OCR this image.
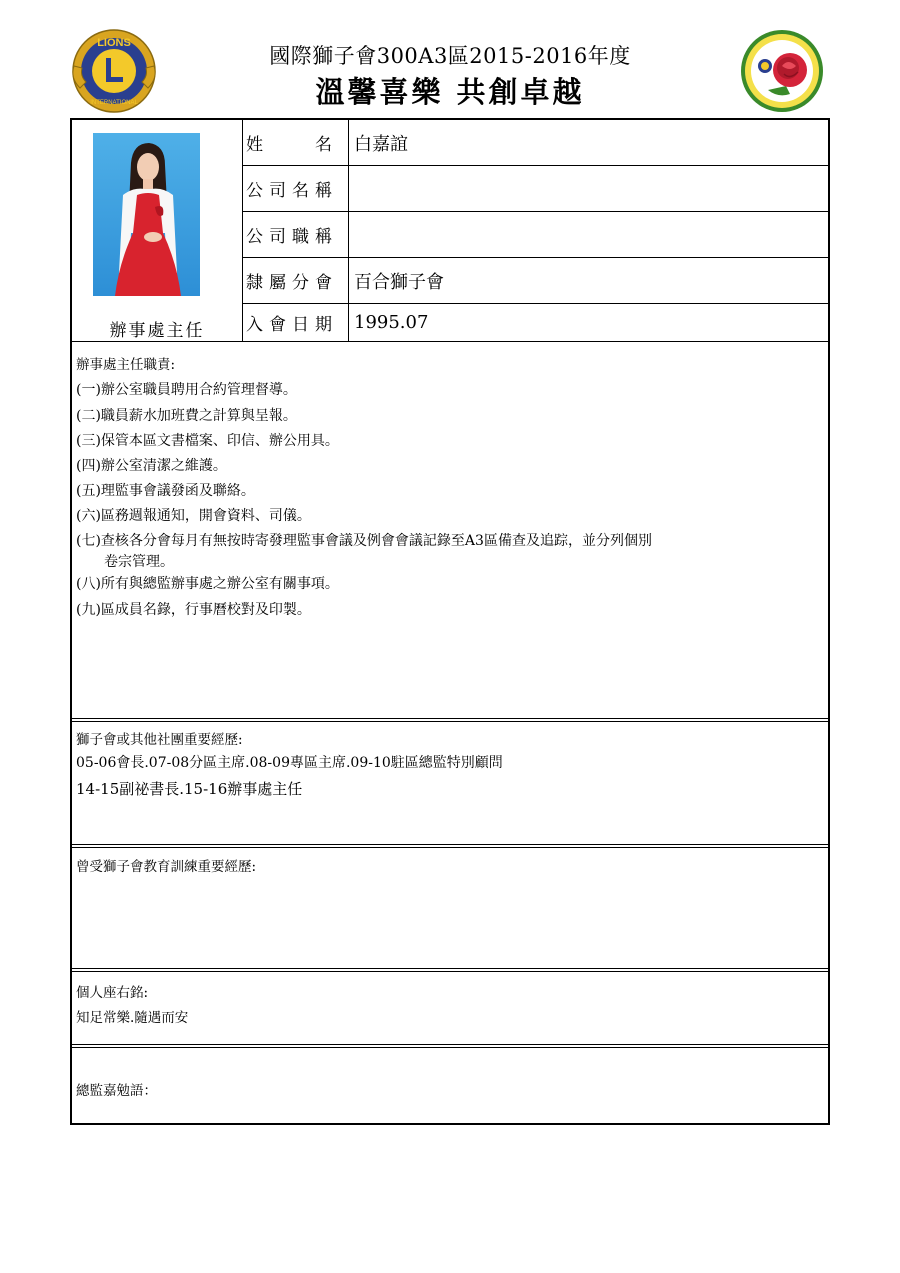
LIONS
INTERNATIONAL
國際獅子會300A3區2015-2016年度
溫馨喜樂 共創卓越
辦事處主任
姓　　名 白嘉誼
公司名稱
公司職稱
隸屬分會 百合獅子會
入會日期 1995.07
辦事處主任職責:
(一)辦公室職員聘用合約管理督導。
(二)職員薪水加班費之計算與呈報。
(三)保管本區文書檔案、印信、辦公用具。
(四)辦公室清潔之維護。
(五)理監事會議發函及聯絡。
(六)區務週報通知，開會資料、司儀。
(七)查核各分會每月有無按時寄發理監事會議及例會會議記錄至A3區備查及追踪，並分列個別
　　卷宗管理。
(八)所有與總監辦事處之辦公室有關事項。
(九)區成員名錄，行事曆校對及印製。
獅子會或其他社團重要經歷:
05-06會長.07-08分區主席.08-09專區主席.09-10駐區總監特別顧問
14-15副祕書長.15-16辦事處主任
曾受獅子會教育訓練重要經歷:
個人座右銘:
知足常樂.隨遇而安
總監嘉勉語：
